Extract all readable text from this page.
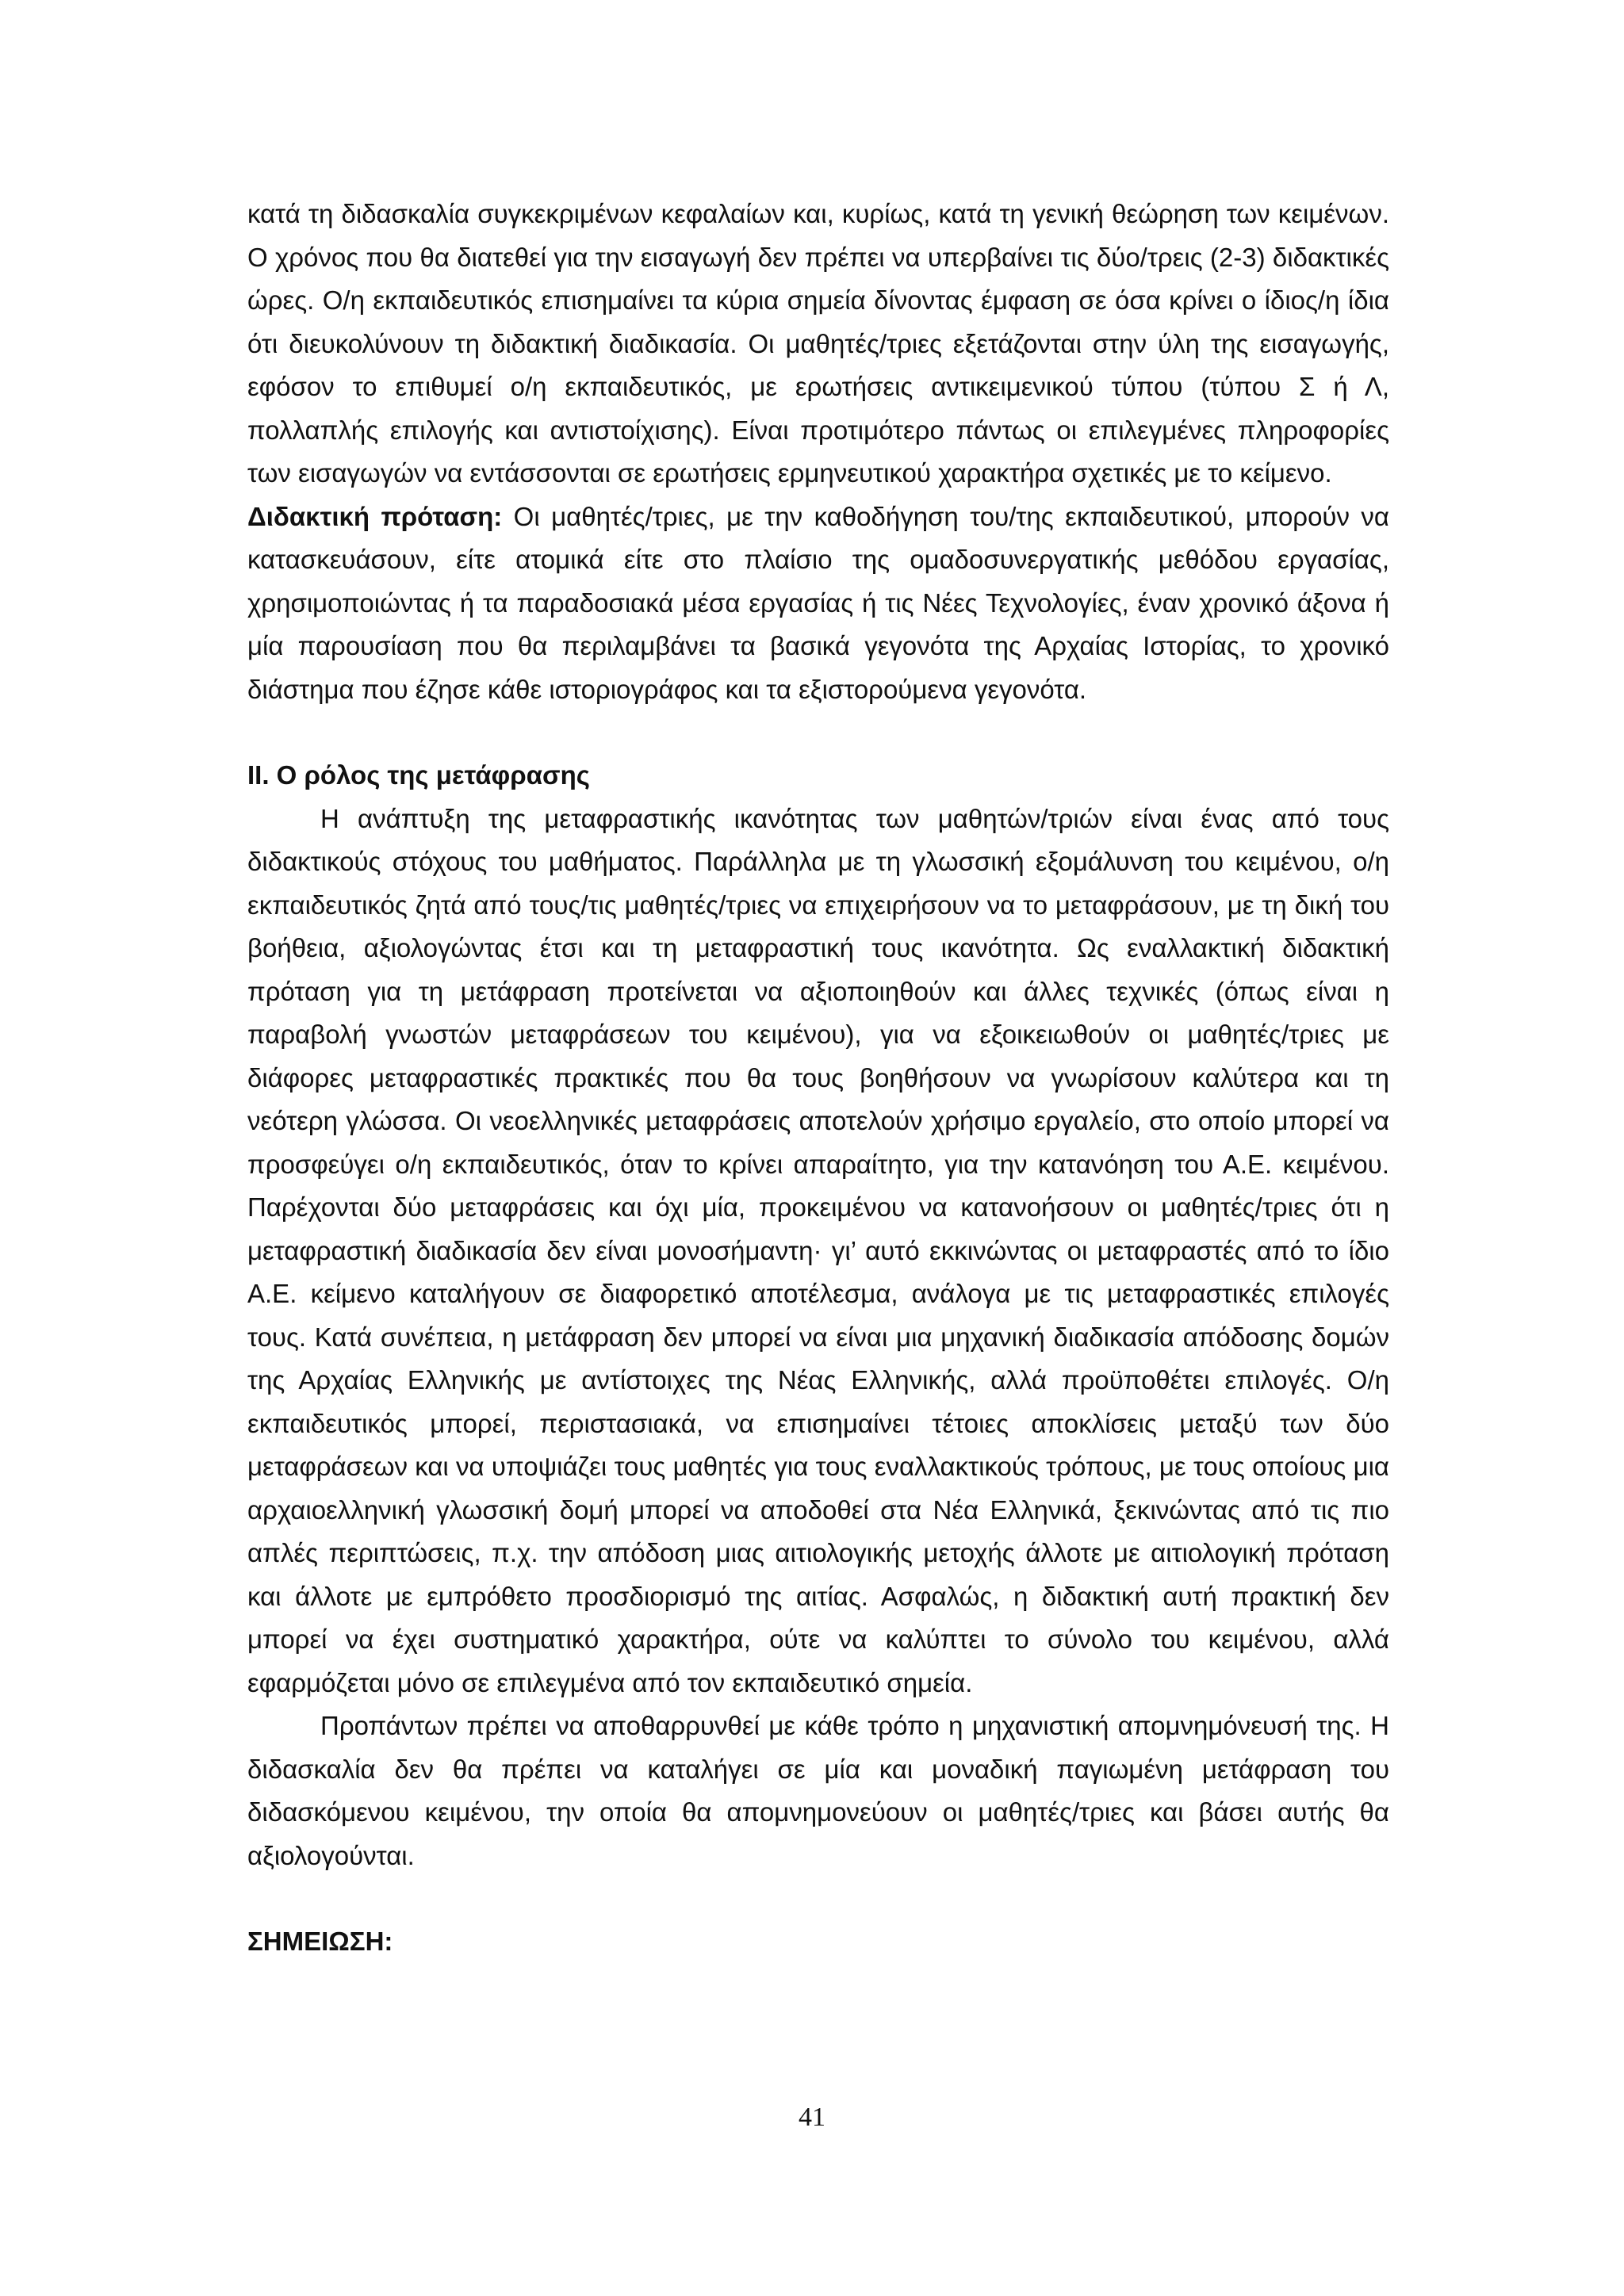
κατά τη διδασκαλία συγκεκριμένων κεφαλαίων και, κυρίως, κατά τη γενική θεώρηση των κειμένων. Ο χρόνος που θα διατεθεί για την εισαγωγή δεν πρέπει να υπερβαίνει τις δύο/τρεις (2-3) διδακτικές ώρες. Ο/η εκπαιδευτικός επισημαίνει τα κύρια σημεία δίνοντας έμφαση σε όσα κρίνει ο ίδιος/η ίδια ότι διευκολύνουν τη διδακτική διαδικασία. Οι μαθητές/τριες εξετάζονται στην ύλη της εισαγωγής, εφόσον το επιθυμεί ο/η εκπαιδευτικός, με ερωτήσεις αντικειμενικού τύπου (τύπου Σ ή Λ, πολλαπλής επιλογής και αντιστοίχισης). Είναι προτιμότερο πάντως οι επιλεγμένες πληροφορίες των εισαγωγών να εντάσσονται σε ερωτήσεις ερμηνευτικού χαρακτήρα σχετικές με το κείμενο.

Διδακτική πρόταση: Οι μαθητές/τριες, με την καθοδήγηση του/της εκπαιδευτικού, μπορούν να κατασκευάσουν, είτε ατομικά είτε στο πλαίσιο της ομαδοσυνεργατικής μεθόδου εργασίας, χρησιμοποιώντας ή τα παραδοσιακά μέσα εργασίας ή τις Νέες Τεχνολογίες, έναν χρονικό άξονα ή μία παρουσίαση που θα περιλαμβάνει τα βασικά γεγονότα της Αρχαίας Ιστορίας, το χρονικό διάστημα που έζησε κάθε ιστοριογράφος και τα εξιστορούμενα γεγονότα.

ΙΙ. Ο ρόλος της μετάφρασης

Η ανάπτυξη της μεταφραστικής ικανότητας των μαθητών/τριών είναι ένας από τους διδακτικούς στόχους του μαθήματος. Παράλληλα με τη γλωσσική εξομάλυνση του κειμένου, ο/η εκπαιδευτικός ζητά από τους/τις μαθητές/τριες να επιχειρήσουν να το μεταφράσουν, με τη δική του βοήθεια, αξιολογώντας έτσι και τη μεταφραστική τους ικανότητα. Ως εναλλακτική διδακτική πρόταση για τη μετάφραση προτείνεται να αξιοποιηθούν και άλλες τεχνικές (όπως είναι η παραβολή γνωστών μεταφράσεων του κειμένου), για να εξοικειωθούν οι μαθητές/τριες με διάφορες μεταφραστικές πρακτικές που θα τους βοηθήσουν να γνωρίσουν καλύτερα και τη νεότερη γλώσσα. Οι νεοελληνικές μεταφράσεις αποτελούν χρήσιμο εργαλείο, στο οποίο μπορεί να προσφεύγει ο/η εκπαιδευτικός, όταν το κρίνει απαραίτητο, για την κατανόηση του Α.Ε. κειμένου. Παρέχονται δύο μεταφράσεις και όχι μία, προκειμένου να κατανοήσουν οι μαθητές/τριες ότι η μεταφραστική διαδικασία δεν είναι μονοσήμαντη· γι’ αυτό εκκινώντας οι μεταφραστές από το ίδιο Α.Ε. κείμενο καταλήγουν σε διαφορετικό αποτέλεσμα, ανάλογα με τις μεταφραστικές επιλογές τους. Κατά συνέπεια, η μετάφραση δεν μπορεί να είναι μια μηχανική διαδικασία απόδοσης δομών της Αρχαίας Ελληνικής με αντίστοιχες της Νέας Ελληνικής, αλλά προϋποθέτει επιλογές. Ο/η εκπαιδευτικός μπορεί, περιστασιακά, να επισημαίνει τέτοιες αποκλίσεις μεταξύ των δύο μεταφράσεων και να υποψιάζει τους μαθητές για τους εναλλακτικούς τρόπους, με τους οποίους μια αρχαιοελληνική γλωσσική δομή μπορεί να αποδοθεί στα Νέα Ελληνικά, ξεκινώντας από τις πιο απλές περιπτώσεις, π.χ. την απόδοση μιας αιτιολογικής μετοχής άλλοτε με αιτιολογική πρόταση και άλλοτε με εμπρόθετο προσδιορισμό της αιτίας. Ασφαλώς, η διδακτική αυτή πρακτική δεν μπορεί να έχει συστηματικό χαρακτήρα, ούτε να καλύπτει το σύνολο του κειμένου, αλλά εφαρμόζεται μόνο σε επιλεγμένα από τον εκπαιδευτικό σημεία.

Προπάντων πρέπει να αποθαρρυνθεί με κάθε τρόπο η μηχανιστική απομνημόνευσή της. Η διδασκαλία δεν θα πρέπει να καταλήγει σε μία και μοναδική παγιωμένη μετάφραση του διδασκόμενου κειμένου, την οποία θα απομνημονεύουν οι μαθητές/τριες και βάσει αυτής θα αξιολογούνται.

ΣΗΜΕΙΩΣΗ:

41
